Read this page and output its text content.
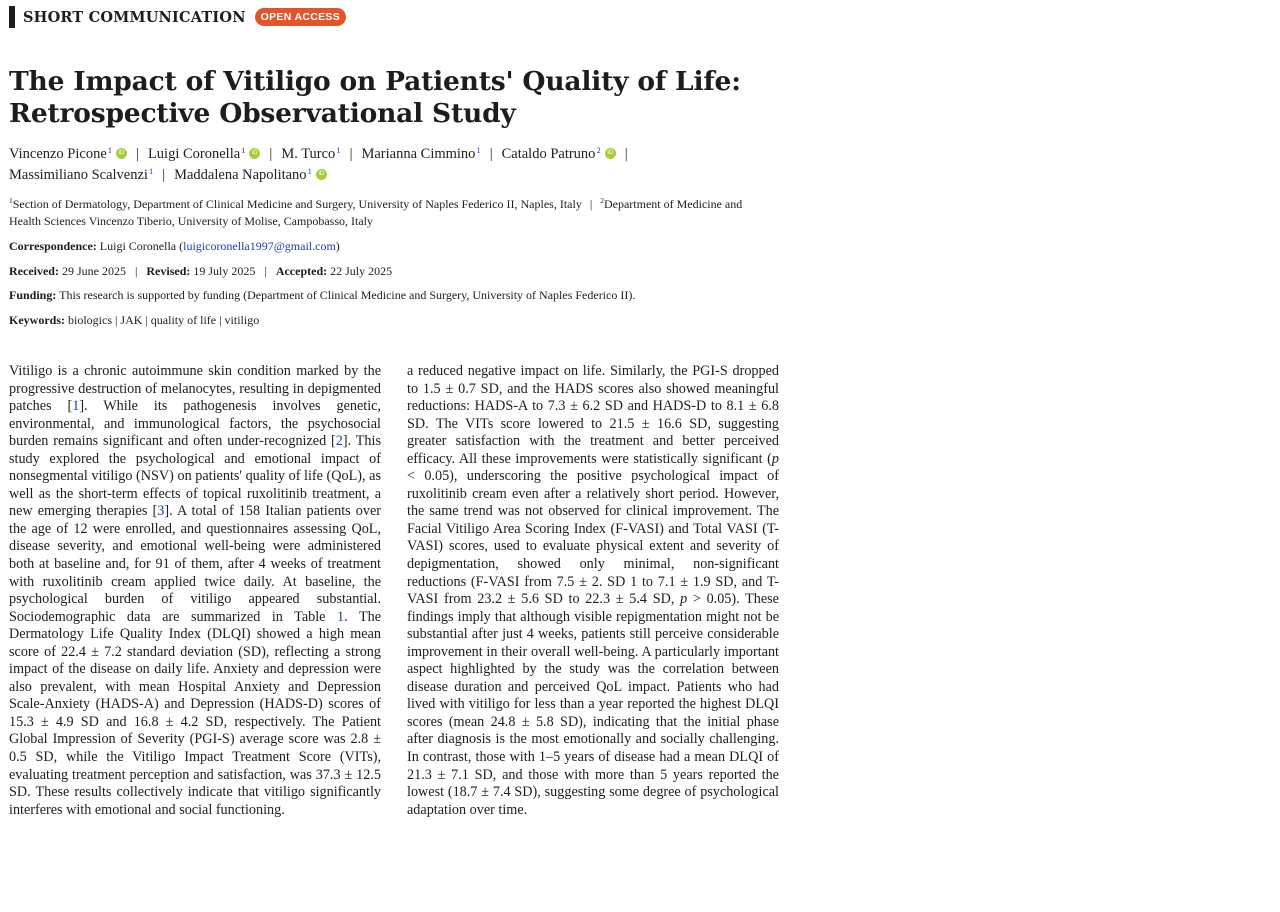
SHORT COMMUNICATION	OPEN ACCESS
The Impact of Vitiligo on Patients' Quality of Life:
Retrospective Observational Study
Vincenzo Picone$^1$ iD | Luigi Coronella$^1$ iD | M. Turco$^1$ | Marianna Cimmino$^1$ | Cataldo Patruno$^2$ iD |
Massimiliano Scalvenzi$^1$ | Maddalena Napolitano$^1$ iD
$^1$Section of Dermatology, Department of Clinical Medicine and Surgery, University of Naples Federico II, Naples, Italy | $^2$Department of Medicine and
Health Sciences Vincenzo Tiberio, University of Molise, Campobasso, Italy
Correspondence: Luigi Coronella (luigicoronella1997@gmail.com)
Received: 29 June 2025 | Revised: 19 July 2025 | Accepted: 22 July 2025
Funding: This research is supported by funding (Department of Clinical Medicine and Surgery, University of Naples Federico II).
Keywords: biologics | JAK | quality of life | vitiligo

Vitiligo is a chronic autoimmune skin condition marked by the progressive destruction of melanocytes, resulting in depigmented patches [1]. While its pathogenesis involves genetic, environmental, and immunological factors, the psychosocial burden remains significant and often under-recognized [2]. This study explored the psychological and emotional impact of nonsegmental vitiligo (NSV) on patients' quality of life (QoL), as well as the short-term effects of topical ruxolitinib treatment, a new emerging therapies [3]. A total of 158 Italian patients over the age of 12 were enrolled, and questionnaires assessing QoL, disease severity, and emotional well-being were administered both at baseline and, for 91 of them, after 4 weeks of treatment with ruxolitinib cream applied twice daily. At baseline, the psychological burden of vitiligo appeared substantial. Sociodemographic data are summarized in Table 1. The Dermatology Life Quality Index (DLQI) showed a high mean score of 22.4 ± 7.2 standard deviation (SD), reflecting a strong impact of the disease on daily life. Anxiety and depression were also prevalent, with mean Hospital Anxiety and Depression Scale-Anxiety (HADS-A) and Depression (HADS-D) scores of 15.3 ± 4.9 SD and 16.8 ± 4.2 SD, respectively. The Patient Global Impression of Severity (PGI-S) average score was 2.8 ± 0.5 SD, while the Vitiligo Impact Treatment Score (VITs), evaluating treatment perception and satisfaction, was 37.3 ± 12.5 SD. These results collectively indicate that vitiligo significantly interferes with emotional and social functioning.

a reduced negative impact on life. Similarly, the PGI-S dropped to 1.5 ± 0.7 SD, and the HADS scores also showed meaningful reductions: HADS-A to 7.3 ± 6.2 SD and HADS-D to 8.1 ± 6.8 SD. The VITs score lowered to 21.5 ± 16.6 SD, suggesting greater satisfaction with the treatment and better perceived efficacy. All these improvements were statistically significant (p < 0.05), underscoring the positive psychological impact of ruxolitinib cream even after a relatively short period. However, the same trend was not observed for clinical improvement. The Facial Vitiligo Area Scoring Index (F-VASI) and Total VASI (T-VASI) scores, used to evaluate physical extent and severity of depigmentation, showed only minimal, non-significant reductions (F-VASI from 7.5 ± 2. SD 1 to 7.1 ± 1.9 SD, and T-VASI from 23.2 ± 5.6 SD to 22.3 ± 5.4 SD, p > 0.05). These findings imply that although visible repigmentation might not be substantial after just 4 weeks, patients still perceive considerable improvement in their overall well-being. A particularly important aspect highlighted by the study was the correlation between disease duration and perceived QoL impact. Patients who had lived with vitiligo for less than a year reported the highest DLQI scores (mean 24.8 ± 5.8 SD), indicating that the initial phase after diagnosis is the most emotionally and socially challenging. In contrast, those with 1–5 years of disease had a mean DLQI of 21.3 ± 7.1 SD, and those with more than 5 years reported the lowest (18.7 ± 7.4 SD), suggesting some degree of psychological adaptation over time.
